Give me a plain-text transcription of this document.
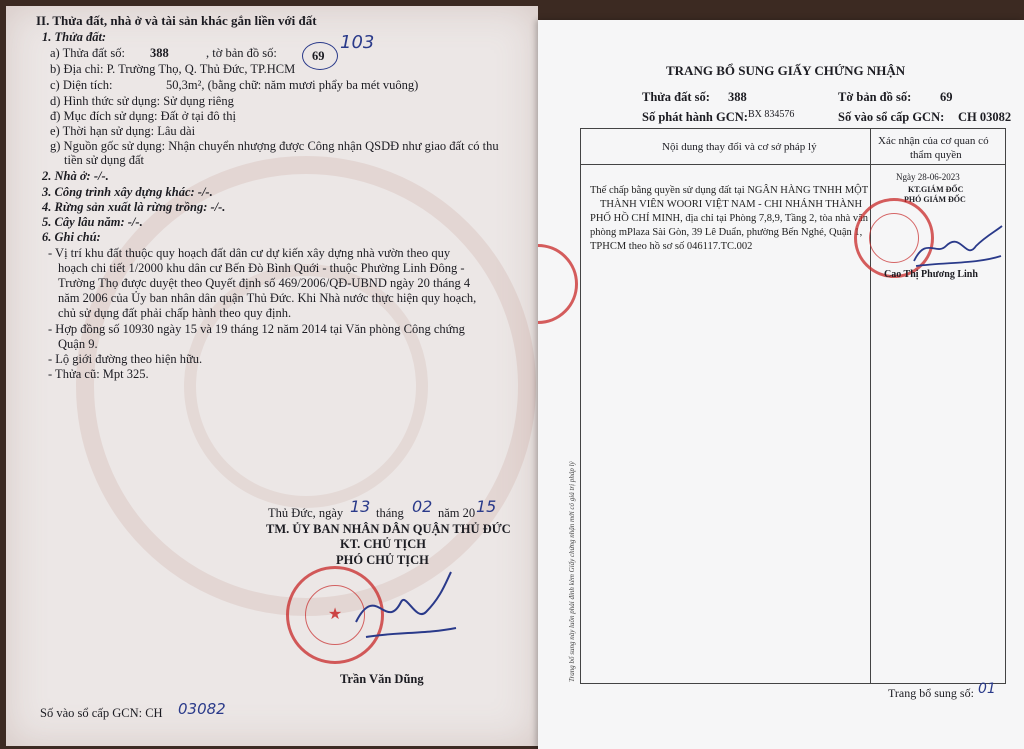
II. Thửa đất, nhà ở và tài sản khác gắn liền với đất
1. Thửa đất:
a) Thửa đất số: 388	, tờ bản đồ số:	69
103
b) Địa chỉ: P. Trường Thọ, Q. Thủ Đức, TP.HCM
c) Diện tích:	50,3m², (bằng chữ: năm mươi phẩy ba mét vuông)
d) Hình thức sử dụng: Sử dụng riêng
đ) Mục đích sử dụng: Đất ở tại đô thị
e) Thời hạn sử dụng: Lâu dài
g) Nguồn gốc sử dụng: Nhận chuyển nhượng được Công nhận QSDĐ như giao đất có thu
tiền sử dụng đất
2. Nhà ở: -/-.
3. Công trình xây dựng khác: -/-.
4. Rừng sản xuất là rừng trồng: -/-.
5. Cây lâu năm: -/-.
6. Ghi chú:
- Vị trí khu đất thuộc quy hoạch đất dân cư dự kiến xây dựng nhà vườn theo quy
hoạch chi tiết 1/2000 khu dân cư Bến Đò Bình Quới - thuộc Phường Linh Đông -
Trường Thọ được duyệt theo Quyết định số 469/2006/QĐ-UBND ngày 20 tháng 4
năm 2006 của Ủy ban nhân dân quận Thủ Đức. Khi Nhà nước thực hiện quy hoạch,
chủ sử dụng đất phải chấp hành theo quy định.
- Hợp đồng số 10930 ngày 15 và 19 tháng 12 năm 2014 tại Văn phòng Công chứng
Quận 9.
- Lộ giới đường theo hiện hữu.
- Thửa cũ: Mpt 325.
Thủ Đức, ngày 13 tháng 02 năm 20 15
TM. ỦY BAN NHÂN DÂN QUẬN THỦ ĐỨC
KT. CHỦ TỊCH
PHÓ CHỦ TỊCH
★
Trần Văn Dũng
Số vào sổ cấp GCN: CH 03082
TRANG BỔ SUNG GIẤY CHỨNG NHẬN
Thửa đất số: 388	Tờ bản đồ số: 69
Số phát hành GCN: BX 834576	Số vào sổ cấp GCN: CH 03082
Nội dung thay đổi và cơ sở pháp lý	Xác nhận của cơ quan có
thẩm quyền
Thế chấp bằng quyền sử dụng đất tại NGÂN HÀNG TNHH MỘT
THÀNH VIÊN WOORI VIỆT NAM - CHI NHÁNH THÀNH
PHỐ HỒ CHÍ MINH, địa chỉ tại Phòng 7,8,9, Tầng 2, tòa nhà văn
phòng mPlaza Sài Gòn, 39 Lê Duẩn, phường Bến Nghé, Quận 1,
TPHCM theo hồ sơ số 046117.TC.002
Ngày 28-06-2023
KT.GIÁM ĐỐC
PHÓ GIÁM ĐỐC
Cao Thị Phương Linh
Trang bổ sung này luôn phải đính kèm Giấy chứng nhận mới có giá trị pháp lý
Trang bổ sung số: 01
